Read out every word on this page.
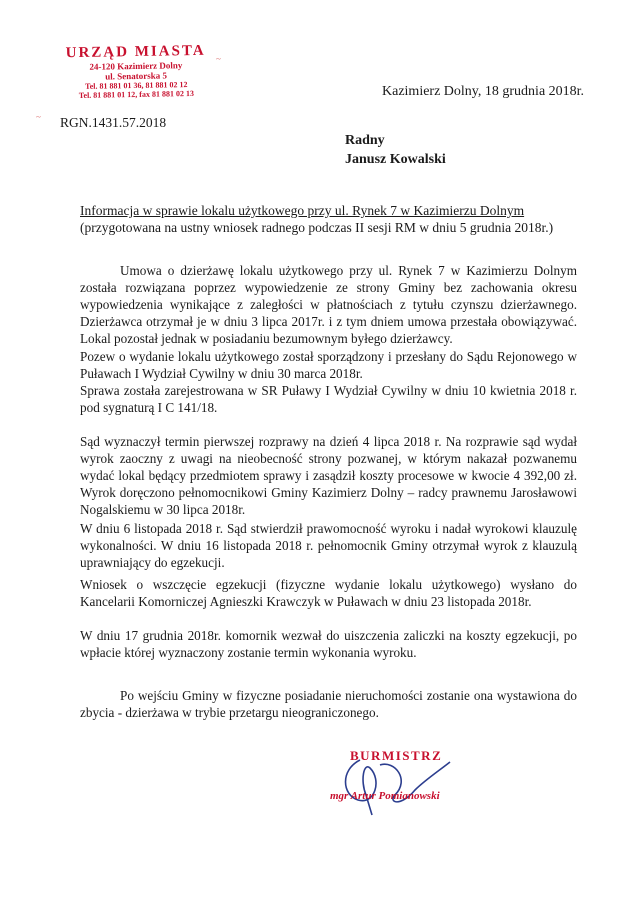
URZĄD MIASTA
24-120 Kazimierz Dolny
ul. Senatorska 5
Tel. 81 881 01 36, 81 881 02 12
Tel. 81 881 01 12, fax 81 881 02 13
~
~
Kazimierz Dolny, 18 grudnia 2018r.
RGN.1431.57.2018
Radny
Janusz Kowalski
Informacja w sprawie lokalu użytkowego przy ul. Rynek 7 w Kazimierzu Dolnym
(przygotowana na ustny wniosek radnego podczas II sesji RM w dniu 5 grudnia 2018r.)

Umowa o dzierżawę lokalu użytkowego przy ul. Rynek 7 w Kazimierzu Dolnym została rozwiązana poprzez wypowiedzenie ze strony Gminy bez zachowania okresu wypowiedzenia wynikające z zaległości w płatnościach z tytułu czynszu dzierżawnego. Dzierżawca otrzymał je w dniu 3 lipca 2017r. i z tym dniem umowa przestała obowiązywać. Lokal pozostał jednak w posiadaniu bezumownym byłego dzierżawcy.

Pozew o wydanie lokalu użytkowego został sporządzony i przesłany do Sądu Rejonowego w Puławach I Wydział Cywilny w dniu 30 marca 2018r.
Sprawa została zarejestrowana w SR Puławy I Wydział Cywilny w dniu 10 kwietnia 2018 r. pod sygnaturą I C 141/18.

Sąd wyznaczył termin pierwszej rozprawy na dzień 4 lipca 2018 r. Na rozprawie sąd wydał wyrok zaoczny z uwagi na nieobecność strony pozwanej, w którym nakazał pozwanemu wydać lokal będący przedmiotem sprawy i zasądził koszty procesowe w kwocie 4 392,00 zł. Wyrok doręczono pełnomocnikowi Gminy Kazimierz Dolny – radcy prawnemu Jarosławowi Nogalskiemu w 30 lipca 2018r.

W dniu 6 listopada 2018 r. Sąd stwierdził prawomocność wyroku i nadał wyrokowi klauzulę wykonalności. W dniu 16 listopada 2018 r. pełnomocnik Gminy otrzymał wyrok z klauzulą uprawniający do egzekucji.

Wniosek o wszczęcie egzekucji (fizyczne wydanie lokalu użytkowego) wysłano do Kancelarii Komorniczej Agnieszki Krawczyk w Puławach w dniu 23 listopada 2018r.

W dniu 17 grudnia 2018r. komornik wezwał do uiszczenia zaliczki na koszty egzekucji, po wpłacie której wyznaczony zostanie termin wykonania wyroku.

Po wejściu Gminy w fizyczne posiadanie nieruchomości zostanie ona wystawiona do zbycia - dzierżawa w trybie przetargu nieograniczonego.

BURMISTRZ
mgr Artur Pomianowski
